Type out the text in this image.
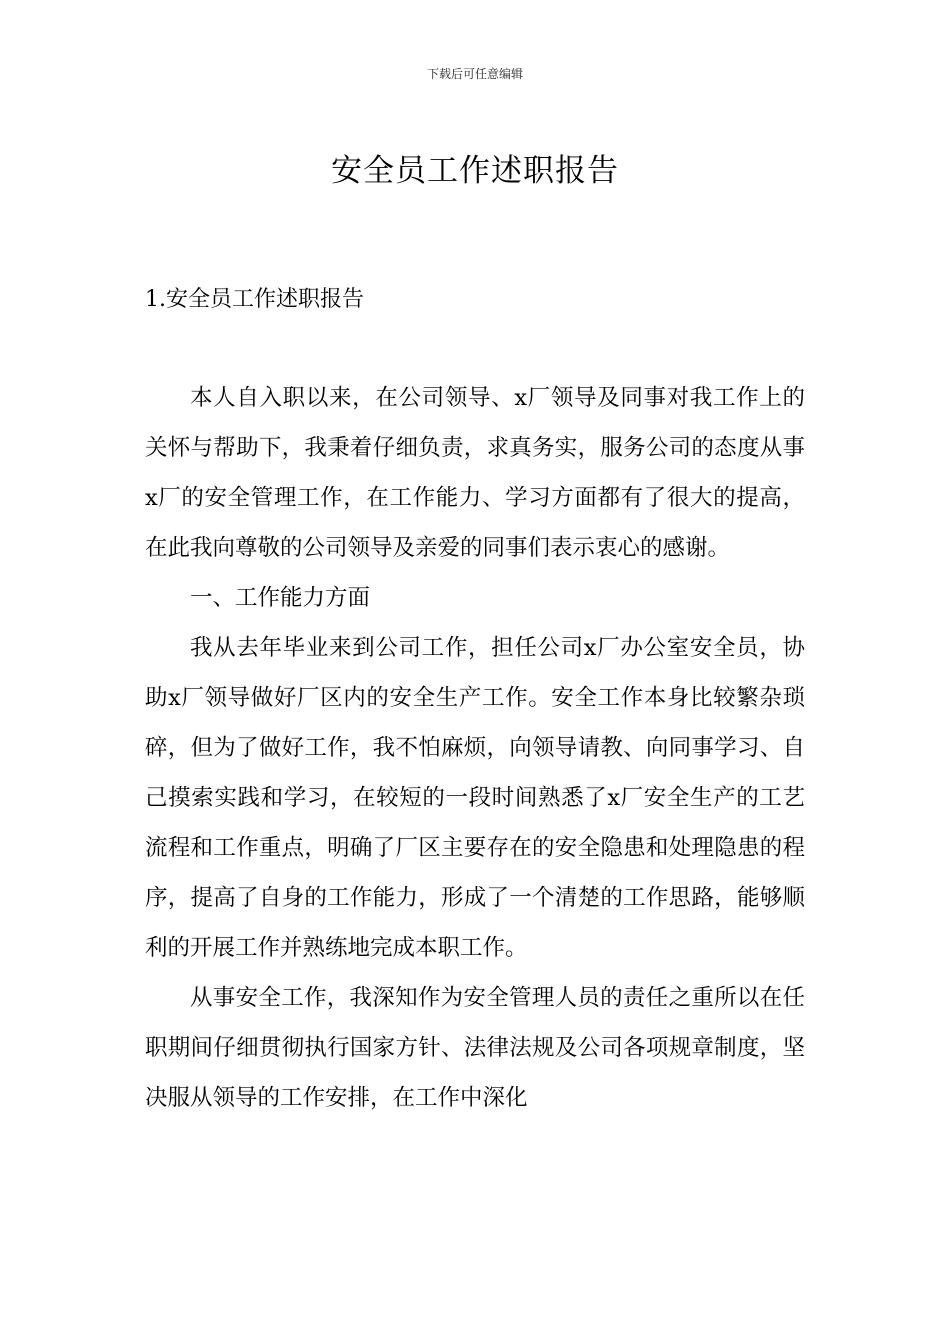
下载后可任意编辑
安全员工作述职报告
1.安全员工作述职报告

本人自入职以来，在公司领导、x厂领导及同事对我工作上的关怀与帮助下，我秉着仔细负责，求真务实，服务公司的态度从事x厂的安全管理工作，在工作能力、学习方面都有了很大的提高，在此我向尊敬的公司领导及亲爱的同事们表示衷心的感谢。

一、工作能力方面

我从去年毕业来到公司工作，担任公司x厂办公室安全员，协助x厂领导做好厂区内的安全生产工作。安全工作本身比较繁杂琐碎，但为了做好工作，我不怕麻烦，向领导请教、向同事学习、自己摸索实践和学习，在较短的一段时间熟悉了x厂安全生产的工艺流程和工作重点，明确了厂区主要存在的安全隐患和处理隐患的程序，提高了自身的工作能力，形成了一个清楚的工作思路，能够顺利的开展工作并熟练地完成本职工作。

从事安全工作，我深知作为安全管理人员的责任之重所以在任职期间仔细贯彻执行国家方针、法律法规及公司各项规章制度，坚决服从领导的工作安排，在工作中深化
